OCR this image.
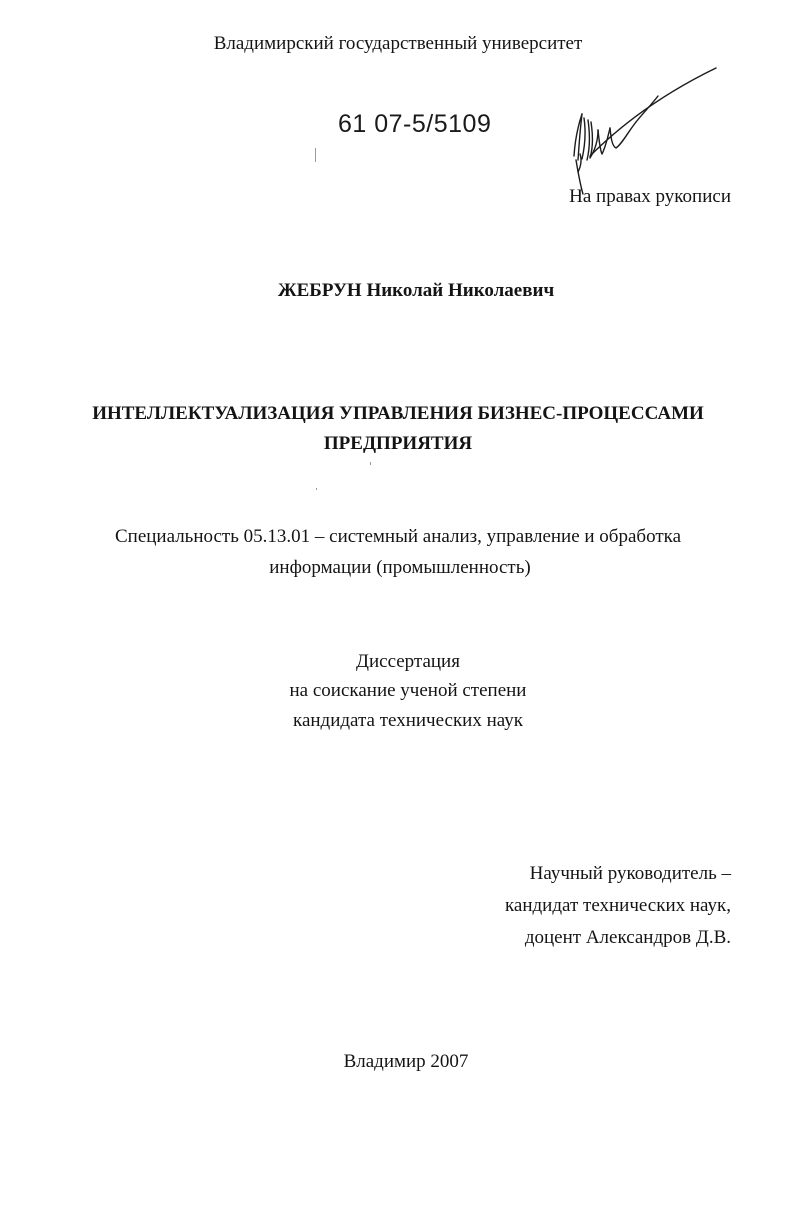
Владимирский государственный университет
61 07-5/5109
На правах рукописи
ЖЕБРУН Николай Николаевич
ИНТЕЛЛЕКТУАЛИЗАЦИЯ УПРАВЛЕНИЯ БИЗНЕС-ПРОЦЕССАМИ
ПРЕДПРИЯТИЯ
Специальность 05.13.01 – системный анализ, управление и обработка
информации (промышленность)
Диссертация
на соискание ученой степени
кандидата технических наук
Научный руководитель –
кандидат технических наук,
доцент Александров Д.В.
Владимир 2007
